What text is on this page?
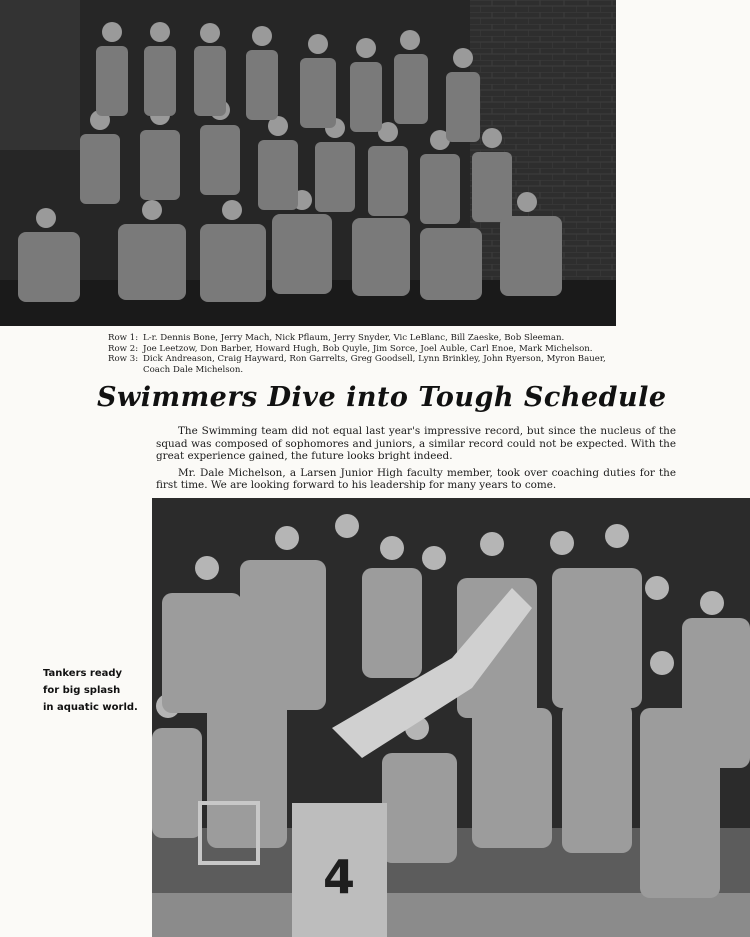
Row 1: L-r. Dennis Bone, Jerry Mach, Nick Pflaum, Jerry Snyder, Vic LeBlanc, Bill Zaeske, Bob Sleeman.

Row 2: Joe Leetzow, Don Barber, Howard Hugh, Bob Quyle, Jim Sorce, Joel Auble, Carl Enoe, Mark Michelson.

Row 3: Dick Andreason, Craig Hayward, Ron Garrelts, Greg Goodsell, Lynn Brinkley, John Ryerson, Myron Bauer,

Coach Dale Michelson.

Swimmers Dive into Tough Schedule

The Swimming team did not equal last year's impressive record, but since the nucleus of the squad was composed of sophomores and juniors, a similar record could not be expected. With the great experience gained, the future looks bright indeed.

Mr. Dale Michelson, a Larsen Junior High faculty member, took over coaching duties for the first time. We are looking forward to his leadership for many years to come.

Tankers ready
for big splash
in aquatic world.
4
